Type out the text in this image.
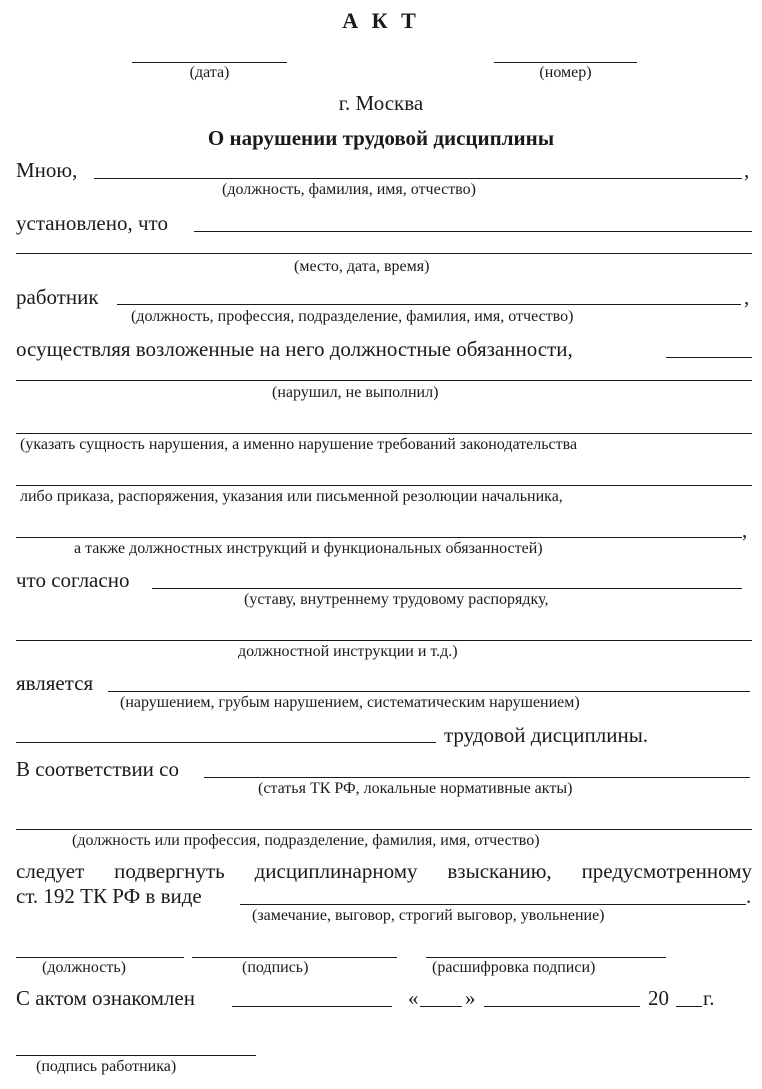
А К Т
(дата)	(номер)
г. Москва
О нарушении трудовой дисциплины
Мною,	,
(должность, фамилия, имя, отчество)
установлено, что
(место, дата, время)
работник	,
(должность, профессия, подразделение, фамилия, имя, отчество)
осуществляя возложенные на него должностные обязанности,
(нарушил, не выполнил)
(указать сущность нарушения, а именно нарушение требований законодательства
либо приказа, распоряжения, указания или письменной резолюции начальника,
,
а также должностных инструкций и функциональных обязанностей)
что согласно
(уставу, внутреннему трудовому распорядку,
должностной инструкции и т.д.)
является
(нарушением, грубым нарушением, систематическим нарушением)
трудовой дисциплины.
В соответствии со
(статья ТК РФ, локальные нормативные акты)
(должность или профессия, подразделение, фамилия, имя, отчество)
следует подвергнуть дисциплинарному взысканию, предусмотренному
ст. 192 ТК РФ в виде	.
(замечание, выговор, строгий выговор, увольнение)
(должность)	(подпись)	(расшифровка подписи)
С актом ознакомлен	« »	20 г.
(подпись работника)
